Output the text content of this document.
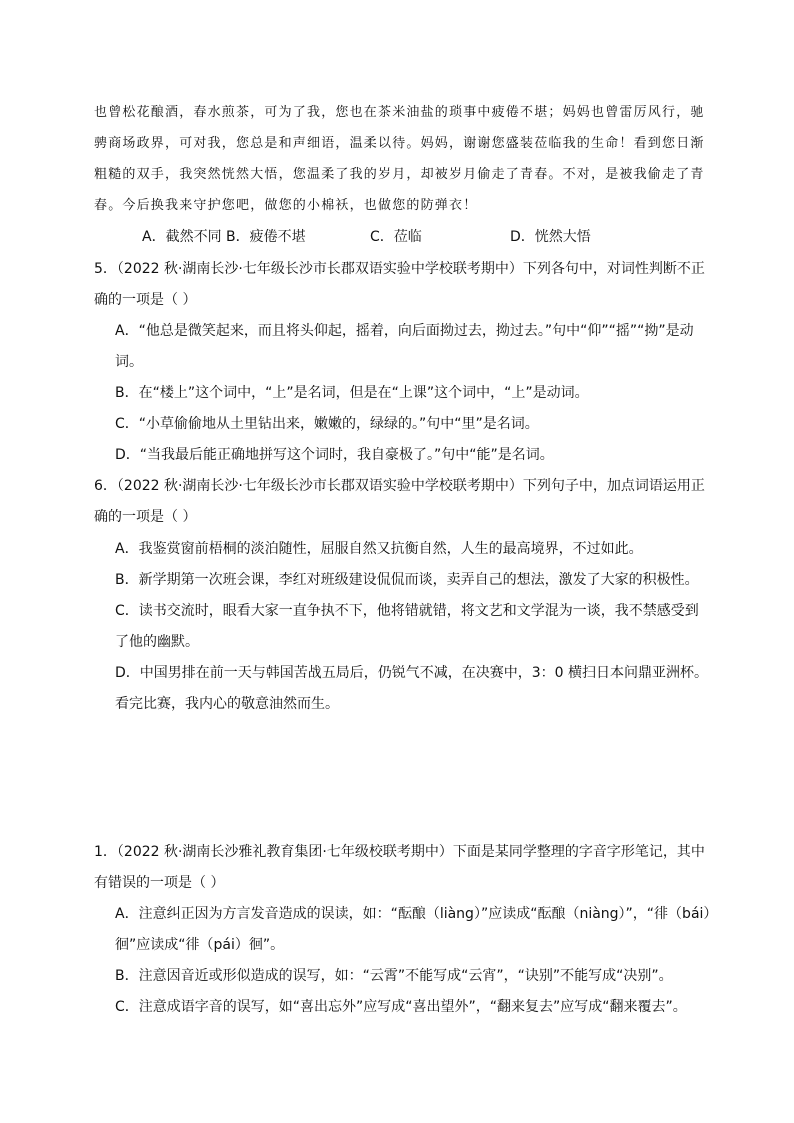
也曾松花酿酒，春水煎茶，可为了我，您也在茶米油盐的琐事中疲倦不堪；妈妈也曾雷厉风行，驰
骋商场政界，可对我，您总是和声细语，温柔以待。妈妈，谢谢您盛装莅临我的生命！看到您日渐
粗糙的双手，我突然恍然大悟，您温柔了我的岁月，却被岁月偷走了青春。不对，是被我偷走了青
春。今后换我来守护您吧，做您的小棉袄，也做您的防弹衣！
A．截然不同 B．疲倦不堪	C．莅临	D．恍然大悟
5．（2022 秋·湖南长沙·七年级长沙市长郡双语实验中学校联考期中）下列各句中，对词性判断不正
确的一项是（ ）
A．“他总是微笑起来，而且将头仰起，摇着，向后面拗过去，拗过去。”句中“仰”“摇”“拗”是动
词。
B．在“楼上”这个词中，“上”是名词，但是在“上课”这个词中，“上”是动词。
C．“小草偷偷地从土里钻出来，嫩嫩的，绿绿的。”句中“里”是名词。
D．“当我最后能正确地拼写这个词时，我自豪极了。”句中“能”是名词。
6．（2022 秋·湖南长沙·七年级长沙市长郡双语实验中学校联考期中）下列句子中，加点词语运用正
确的一项是（ ）
A．我鉴赏窗前梧桐的淡泊随性，屈服自然又抗衡自然，人生的最高境界，不过如此。
B．新学期第一次班会课，李红对班级建设侃侃而谈，卖弄自己的想法，激发了大家的积极性。
C．读书交流时，眼看大家一直争执不下，他将错就错，将文艺和文学混为一谈，我不禁感受到
了他的幽默。
D．中国男排在前一天与韩国苦战五局后，仍锐气不减，在决赛中，3：0 横扫日本问鼎亚洲杯。
看完比赛，我内心的敬意油然而生。
1．（2022 秋·湖南长沙雅礼教育集团·七年级校联考期中）下面是某同学整理的字音字形笔记，其中
有错误的一项是（ ）
A．注意纠正因为方言发音造成的误读，如：“酝酿（liàng）”应读成“酝酿（niàng）”，“徘（bái）
徊”应读成“徘（pái）徊”。
B．注意因音近或形似造成的误写，如：“云霄”不能写成“云宵”，“诀别”不能写成“决别”。
C．注意成语字音的误写，如“喜出忘外”应写成“喜出望外”，“翻来复去”应写成“翻来覆去”。
